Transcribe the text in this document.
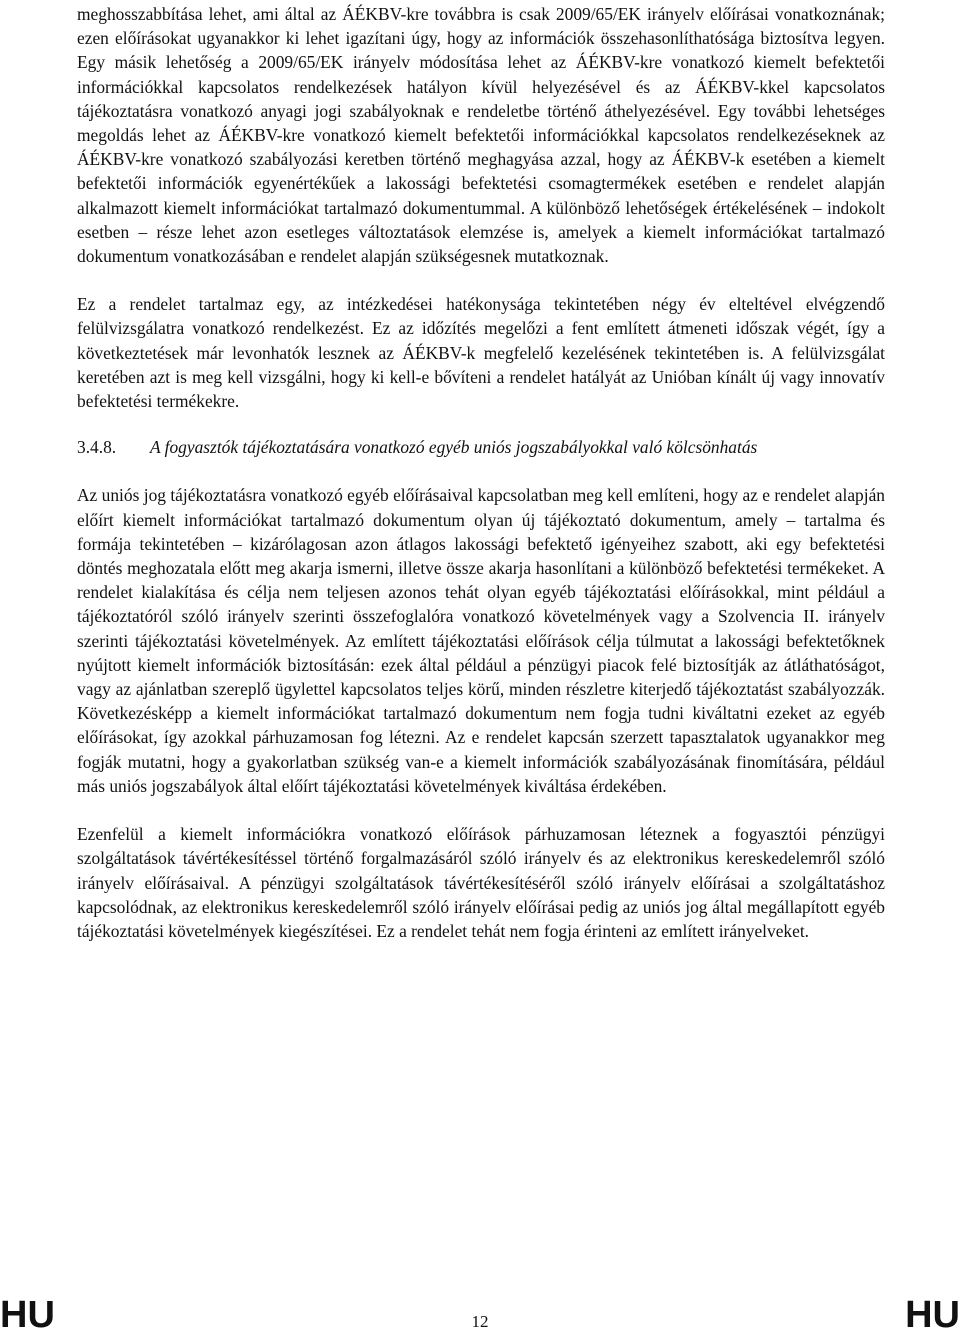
meghosszabbítása lehet, ami által az ÁÉKBV-kre továbbra is csak 2009/65/EK irányelv előírásai vonatkoznának; ezen előírásokat ugyanakkor ki lehet igazítani úgy, hogy az információk összehasonlíthatósága biztosítva legyen. Egy másik lehetőség a 2009/65/EK irányelv módosítása lehet az ÁÉKBV-kre vonatkozó kiemelt befektetői információkkal kapcsolatos rendelkezések hatályon kívül helyezésével és az ÁÉKBV-kkel kapcsolatos tájékoztatásra vonatkozó anyagi jogi szabályoknak e rendeletbe történő áthelyezésével. Egy további lehetséges megoldás lehet az ÁÉKBV-kre vonatkozó kiemelt befektetői információkkal kapcsolatos rendelkezéseknek az ÁÉKBV-kre vonatkozó szabályozási keretben történő meghagyása azzal, hogy az ÁÉKBV-k esetében a kiemelt befektetői információk egyenértékűek a lakossági befektetési csomagtermékek esetében e rendelet alapján alkalmazott kiemelt információkat tartalmazó dokumentummal. A különböző lehetőségek értékelésének – indokolt esetben – része lehet azon esetleges változtatások elemzése is, amelyek a kiemelt információkat tartalmazó dokumentum vonatkozásában e rendelet alapján szükségesnek mutatkoznak.

Ez a rendelet tartalmaz egy, az intézkedései hatékonysága tekintetében négy év elteltével elvégzendő felülvizsgálatra vonatkozó rendelkezést. Ez az időzítés megelőzi a fent említett átmeneti időszak végét, így a következtetések már levonhatók lesznek az ÁÉKBV-k megfelelő kezelésének tekintetében is. A felülvizsgálat keretében azt is meg kell vizsgálni, hogy ki kell-e bővíteni a rendelet hatályát az Unióban kínált új vagy innovatív befektetési termékekre.

3.4.8.	A fogyasztók tájékoztatására vonatkozó egyéb uniós jogszabályokkal való kölcsönhatás

Az uniós jog tájékoztatásra vonatkozó egyéb előírásaival kapcsolatban meg kell említeni, hogy az e rendelet alapján előírt kiemelt információkat tartalmazó dokumentum olyan új tájékoztató dokumentum, amely – tartalma és formája tekintetében – kizárólagosan azon átlagos lakossági befektető igényeihez szabott, aki egy befektetési döntés meghozatala előtt meg akarja ismerni, illetve össze akarja hasonlítani a különböző befektetési termékeket. A rendelet kialakítása és célja nem teljesen azonos tehát olyan egyéb tájékoztatási előírásokkal, mint például a tájékoztatóról szóló irányelv szerinti összefoglalóra vonatkozó követelmények vagy a Szolvencia II. irányelv szerinti tájékoztatási követelmények. Az említett tájékoztatási előírások célja túlmutat a lakossági befektetőknek nyújtott kiemelt információk biztosításán: ezek által például a pénzügyi piacok felé biztosítják az átláthatóságot, vagy az ajánlatban szereplő ügylettel kapcsolatos teljes körű, minden részletre kiterjedő tájékoztatást szabályozzák. Következésképp a kiemelt információkat tartalmazó dokumentum nem fogja tudni kiváltatni ezeket az egyéb előírásokat, így azokkal párhuzamosan fog létezni. Az e rendelet kapcsán szerzett tapasztalatok ugyanakkor meg fogják mutatni, hogy a gyakorlatban szükség van-e a kiemelt információk szabályozásának finomítására, például más uniós jogszabályok által előírt tájékoztatási követelmények kiváltása érdekében.

Ezenfelül a kiemelt információkra vonatkozó előírások párhuzamosan léteznek a fogyasztói pénzügyi szolgáltatások távértékesítéssel történő forgalmazásáról szóló irányelv és az elektronikus kereskedelemről szóló irányelv előírásaival. A pénzügyi szolgáltatások távértékesítéséről szóló irányelv előírásai a szolgáltatáshoz kapcsolódnak, az elektronikus kereskedelemről szóló irányelv előírásai pedig az uniós jog által megállapított egyéb tájékoztatási követelmények kiegészítései. Ez a rendelet tehát nem fogja érinteni az említett irányelveket.

HU	12	HU
